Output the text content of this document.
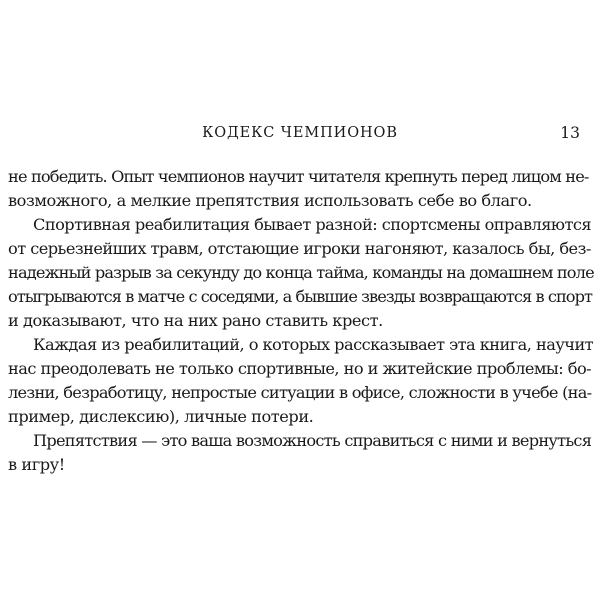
КОДЕКС ЧЕМПИОНОВ	13
не победить. Опыт чемпионов научит читателя крепнуть перед лицом не-
возможного, а мелкие препятствия использовать себе во благо.
Спортивная реабилитация бывает разной: спортсмены оправляются
от серьезнейших травм, отстающие игроки нагоняют, казалось бы, без-
надежный разрыв за секунду до конца тайма, команды на домашнем поле
отыгрываются в матче с соседями, а бывшие звезды возвращаются в спорт
и доказывают, что на них рано ставить крест.
Каждая из реабилитаций, о которых рассказывает эта книга, научит
нас преодолевать не только спортивные, но и житейские проблемы: бо-
лезни, безработицу, непростые ситуации в офисе, сложности в учебе (на-
пример, дислексию), личные потери.
Препятствия — это ваша возможность справиться с ними и вернуться
в игру!
